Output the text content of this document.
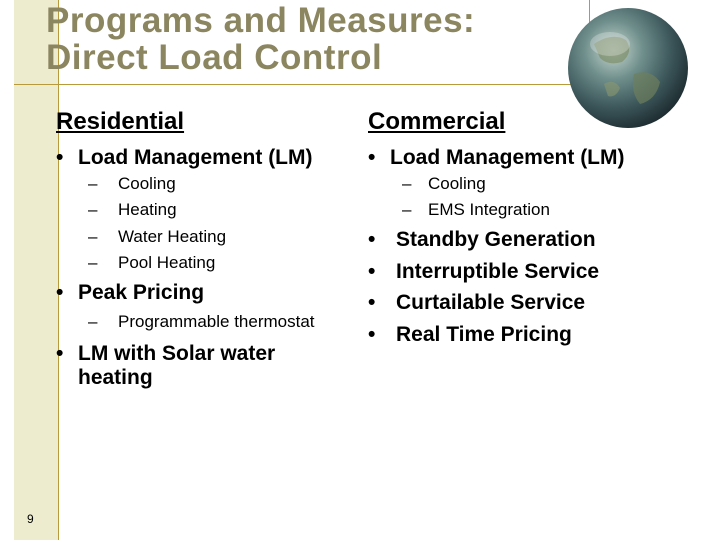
Programs and Measures:
Direct Load Control
Residential
• Load Management (LM)
– Cooling
– Heating
– Water Heating
– Pool Heating
• Peak Pricing
– Programmable thermostat
• LM with Solar water heating
Commercial
• Load Management (LM)
– Cooling
– EMS Integration
• Standby Generation
• Interruptible Service
• Curtailable Service
• Real Time Pricing
9
